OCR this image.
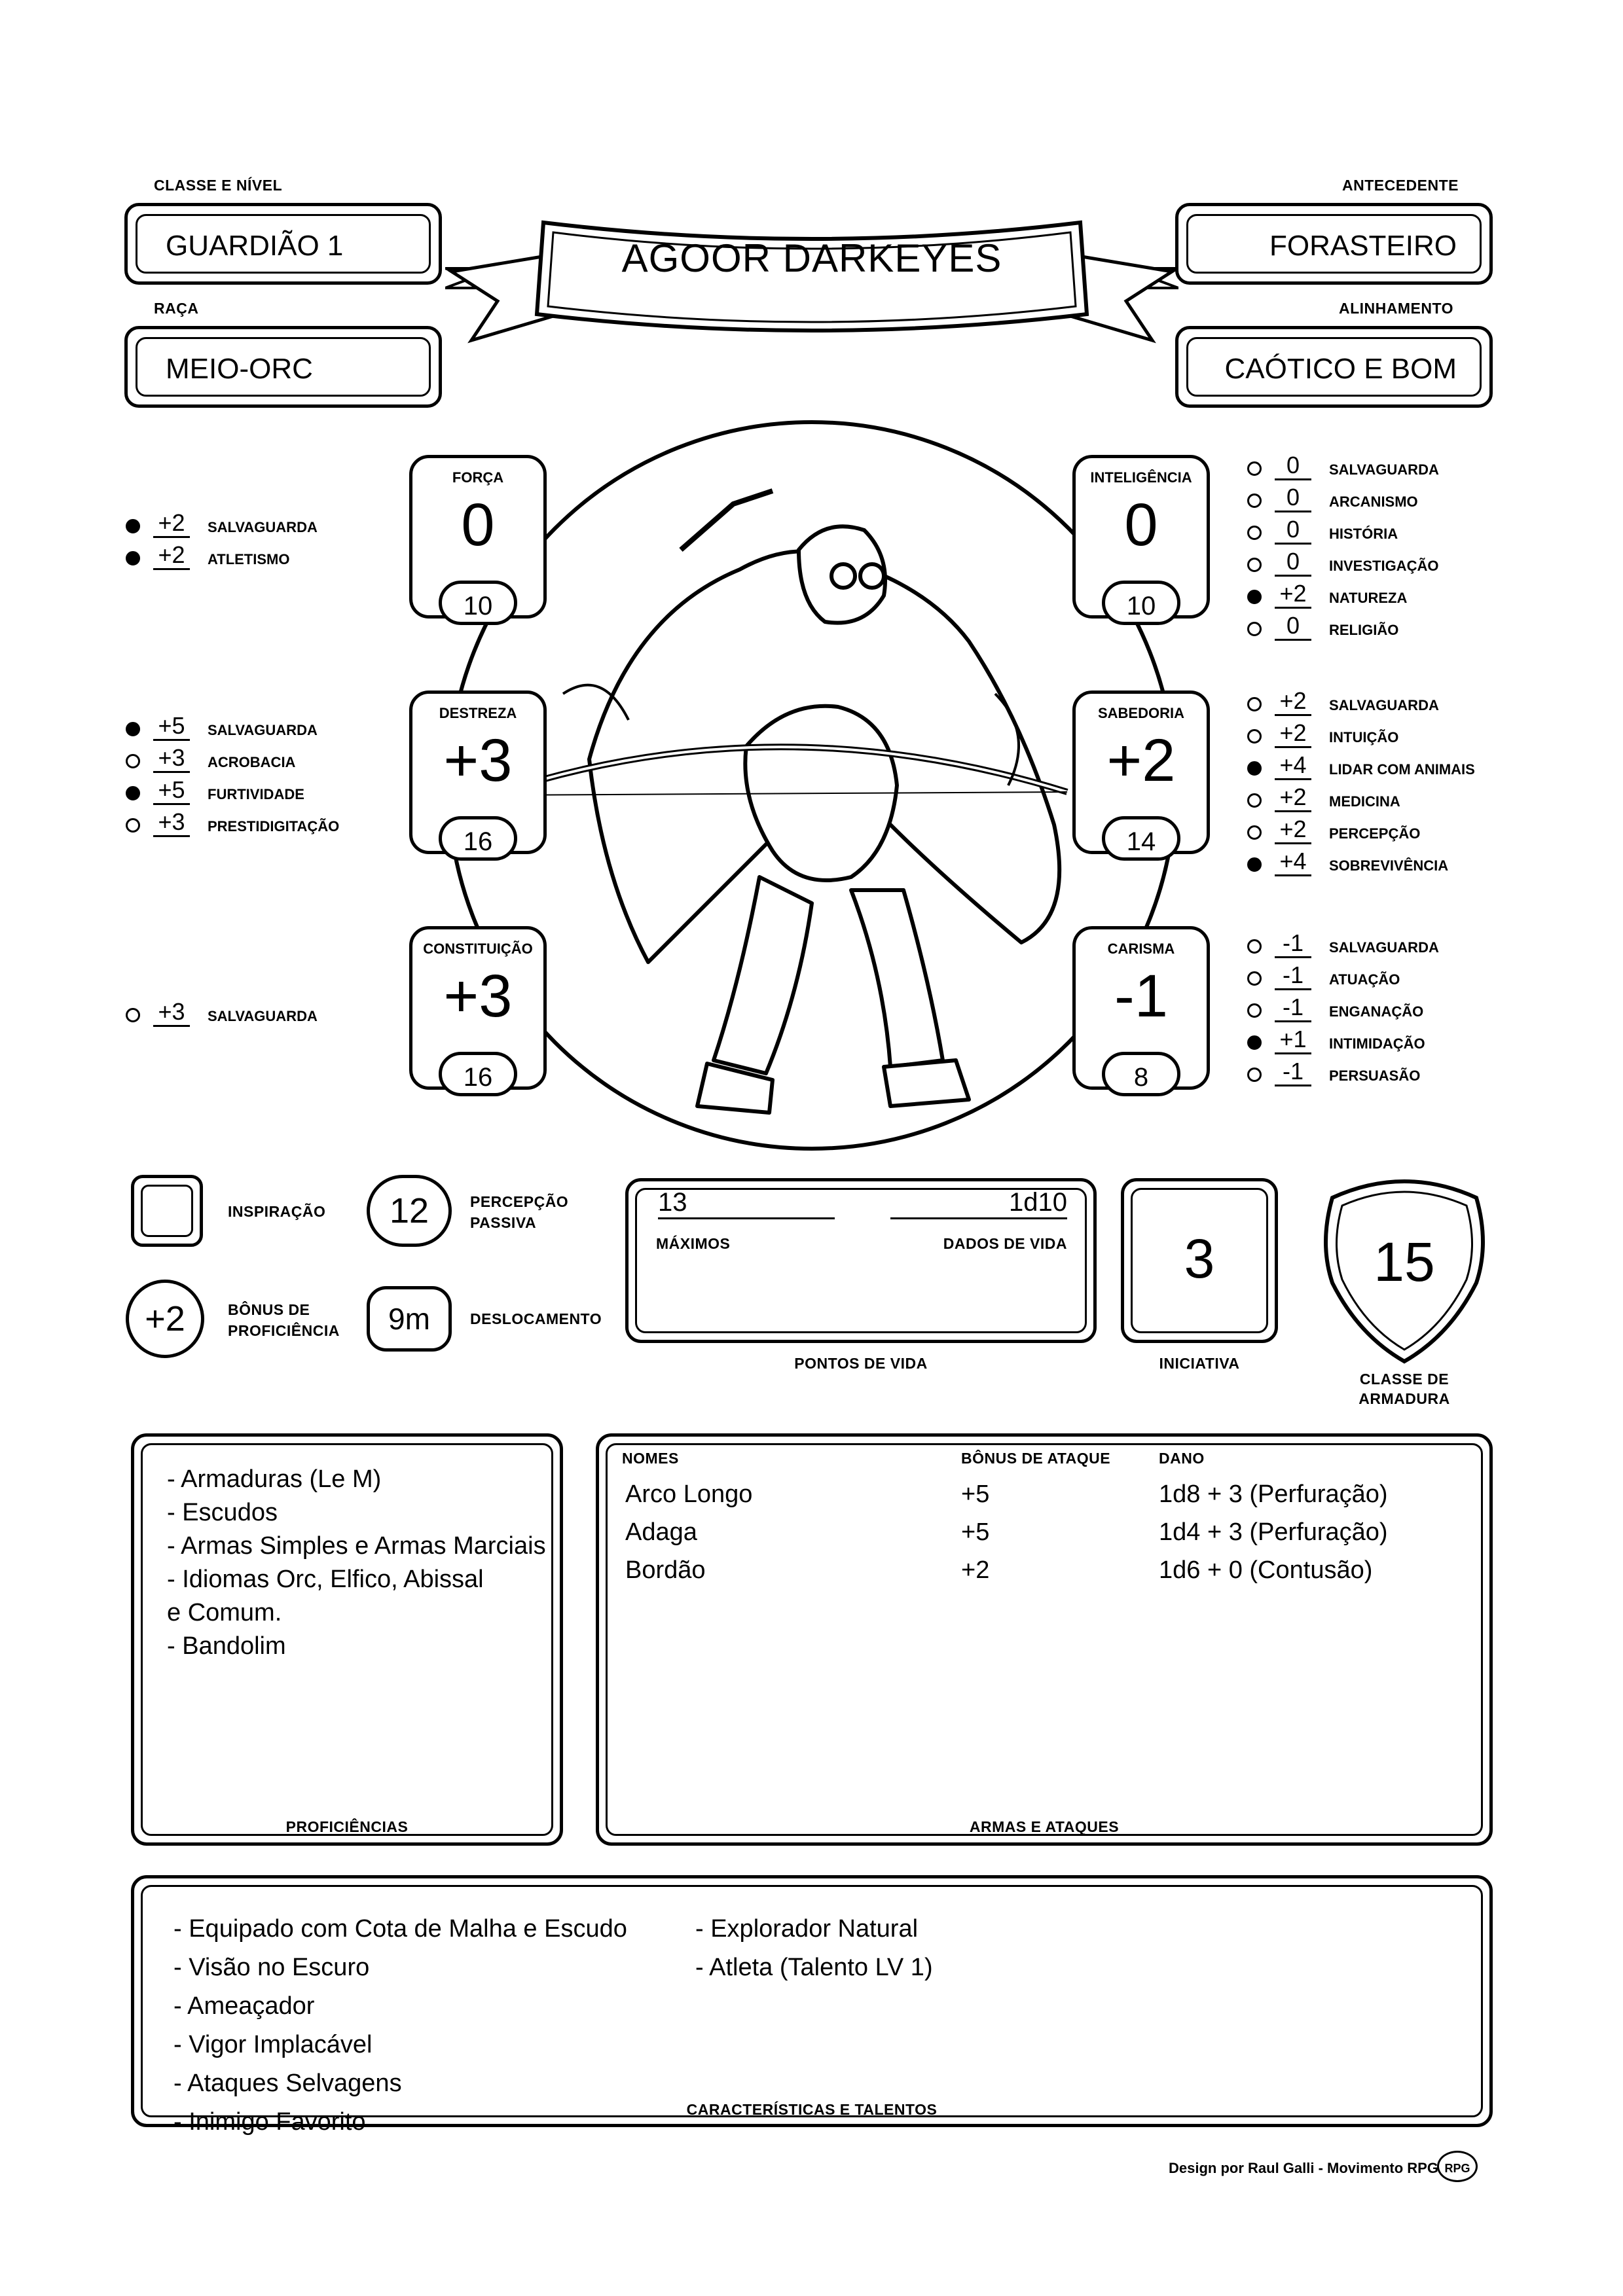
CLASSE E NÍVEL
GUARDIÃO 1
RAÇA
MEIO-ORC
ANTECEDENTE
FORASTEIRO
ALINHAMENTO
CAÓTICO E BOM
AGOOR DARKEYES
FORÇA
0
10
DESTREZA
+3
16
CONSTITUIÇÃO
+3
16
INTELIGÊNCIA
0
10
SABEDORIA
+2
14
CARISMA
-1
8
+2	SALVAGUARDA
+2	ATLETISMO
+5	SALVAGUARDA
+3	ACROBACIA
+5	FURTIVIDADE
+3	PRESTIDIGITAÇÃO
+3	SALVAGUARDA
0	SALVAGUARDA
0	ARCANISMO
0	HISTÓRIA
0	INVESTIGAÇÃO
+2	NATUREZA
0	RELIGIÃO
+2	SALVAGUARDA
+2	INTUIÇÃO
+4	LIDAR COM ANIMAIS
+2	MEDICINA
+2	PERCEPÇÃO
+4	SOBREVIVÊNCIA
-1	SALVAGUARDA
-1	ATUAÇÃO
-1	ENGANAÇÃO
+1	INTIMIDAÇÃO
-1	PERSUASÃO
INSPIRAÇÃO	12	PERCEPÇÃO
PASSIVA
+2	BÔNUS DE
PROFICIÊNCIA	9m	DESLOCAMENTO
13	1d10
MÁXIMOS	DADOS DE VIDA
PONTOS DE VIDA
3
INICIATIVA
15
CLASSE DE
ARMADURA
- Armaduras (Le M)
- Escudos
- Armas Simples e Armas Marciais
- Idiomas Orc, Elfico, Abissal
e Comum.
- Bandolim
PROFICIÊNCIAS
NOMES	BÔNUS DE ATAQUE	DANO
Arco Longo	+5	1d8 + 3 (Perfuração)
Adaga	+5	1d4 + 3 (Perfuração)
Bordão	+2	1d6 + 0 (Contusão)
ARMAS E ATAQUES
- Equipado com Cota de Malha e Escudo
- Visão no Escuro
- Ameaçador
- Vigor Implacável
- Ataques Selvagens
- Inimigo Favorito
- Explorador Natural
- Atleta (Talento LV 1)
CARACTERÍSTICAS E TALENTOS
Design por Raul Galli - Movimento RPG RPG
